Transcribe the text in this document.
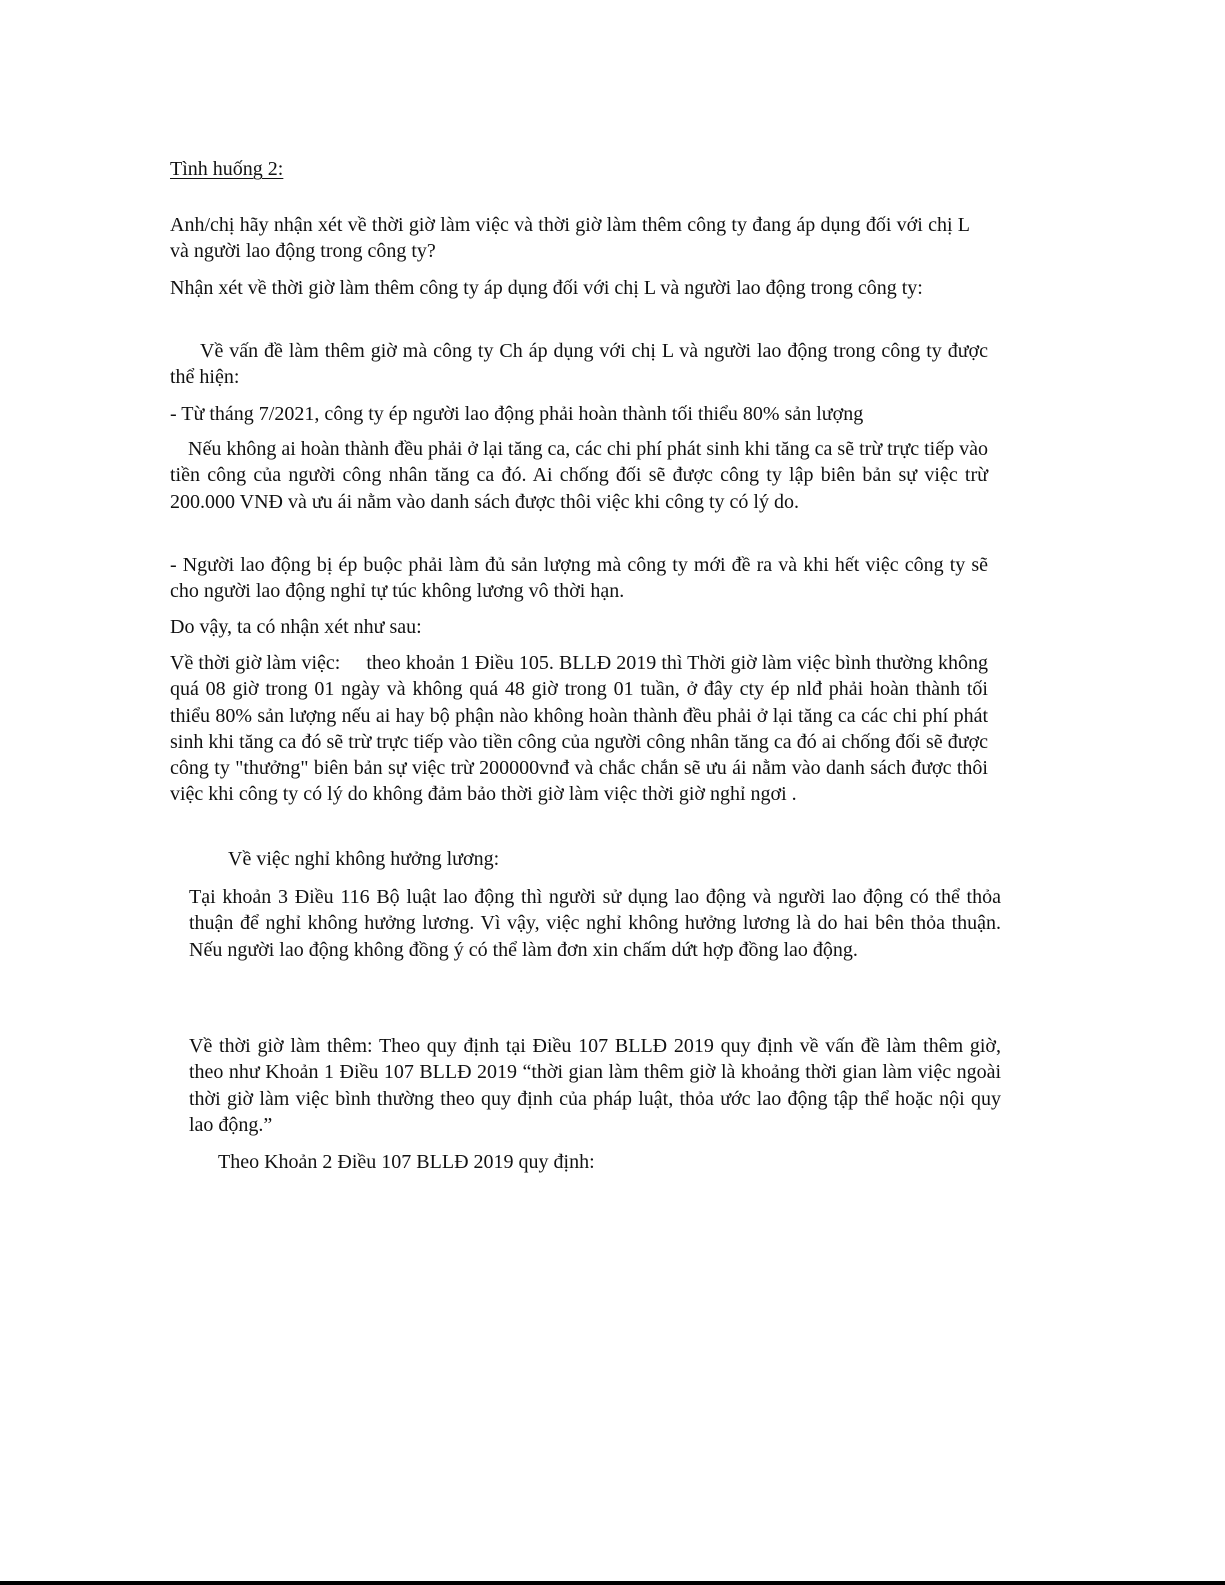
Tình huống 2:

Anh/chị hãy nhận xét về thời giờ làm việc và thời giờ làm thêm công ty đang áp dụng đối với chị L và người lao động trong công ty?

Nhận xét về thời giờ làm thêm công ty áp dụng đối với chị L và người lao động trong công ty:

Về vấn đề làm thêm giờ mà công ty Ch áp dụng với chị L và người lao động trong công ty được thể hiện:

- Từ tháng 7/2021, công ty ép người lao động phải hoàn thành tối thiểu 80% sản lượng

Nếu không ai hoàn thành đều phải ở lại tăng ca, các chi phí phát sinh khi tăng ca sẽ trừ trực tiếp vào tiền công của người công nhân tăng ca đó. Ai chống đối sẽ được công ty lập biên bản sự việc trừ 200.000 VNĐ và ưu ái nằm vào danh sách được thôi việc khi công ty có lý do.

- Người lao động bị ép buộc phải làm đủ sản lượng mà công ty mới đề ra và khi hết việc công ty sẽ cho người lao động nghỉ tự túc không lương vô thời hạn.

Do vậy, ta có nhận xét như sau:

Về thời giờ làm việc: theo khoản 1 Điều 105. BLLĐ 2019 thì Thời giờ làm việc bình thường không quá 08 giờ trong 01 ngày và không quá 48 giờ trong 01 tuần, ở đây cty ép nlđ phải hoàn thành tối thiểu 80% sản lượng nếu ai hay bộ phận nào không hoàn thành đều phải ở lại tăng ca các chi phí phát sinh khi tăng ca đó sẽ trừ trực tiếp vào tiền công của người công nhân tăng ca đó ai chống đối sẽ được công ty "thưởng" biên bản sự việc trừ 200000vnđ và chắc chắn sẽ ưu ái nằm vào danh sách được thôi việc khi công ty có lý do không đảm bảo thời giờ làm việc thời giờ nghỉ ngơi .

Về việc nghỉ không hưởng lương:

Tại khoản 3 Điều 116 Bộ luật lao động thì người sử dụng lao động và người lao động có thể thỏa thuận để nghỉ không hưởng lương. Vì vậy, việc nghỉ không hưởng lương là do hai bên thỏa thuận. Nếu người lao động không đồng ý có thể làm đơn xin chấm dứt hợp đồng lao động.

Về thời giờ làm thêm: Theo quy định tại Điều 107 BLLĐ 2019 quy định về vấn đề làm thêm giờ, theo như Khoản 1 Điều 107 BLLĐ 2019 “thời gian làm thêm giờ là khoảng thời gian làm việc ngoài thời giờ làm việc bình thường theo quy định của pháp luật, thỏa ước lao động tập thể hoặc nội quy lao động.”

Theo Khoản 2 Điều 107 BLLĐ 2019 quy định:
